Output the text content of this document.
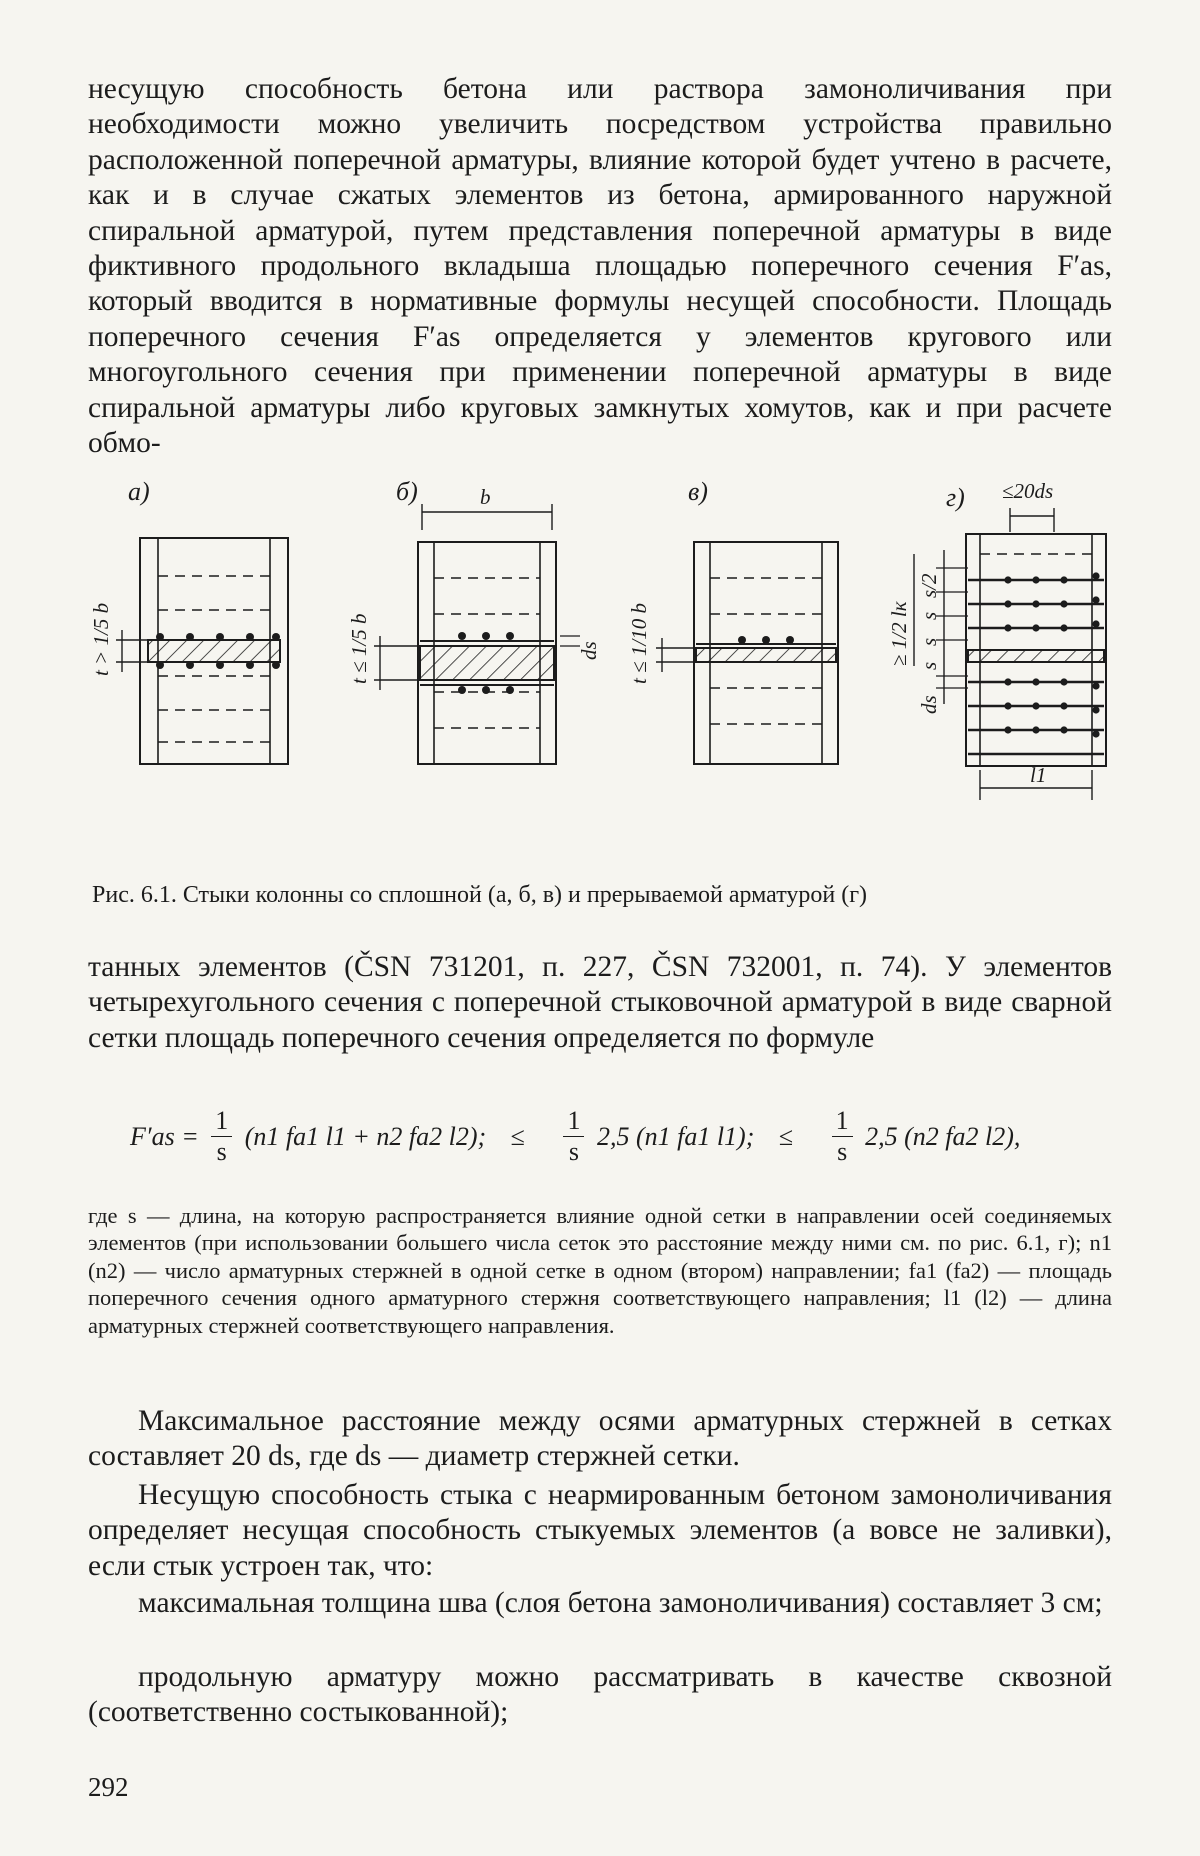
несущую способность бетона или раствора замоноличивания при необходимости можно увеличить посредством устройства правильно расположенной поперечной арматуры, влияние которой будет учтено в расчете, как и в случае сжатых элементов из бетона, армированного наружной спиральной арматурой, путем представления поперечной арматуры в виде фиктивного продольного вкладыша площадью поперечного сечения F′as, который вводится в нормативные формулы несущей способности. Площадь поперечного сечения F′as определяется у элементов кругового или многоугольного сечения при применении поперечной арматуры в виде спиральной арматуры либо круговых замкнутых хомутов, как и при расчете обмо-

а)
t > 1/5 b
б)	b
t ≤ 1/5 b	ds
в)
t ≤ 1/10 b
г) ≤20ds
s/2
s
s
s
≥ 1/2 lк
ds
l1

Рис. 6.1. Стыки колонны со сплошной (а, б, в) и прерываемой арматурой (г)

танных элементов (ČSN 731201, п. 227, ČSN 732001, п. 74). У элементов четырехугольного сечения с поперечной стыковочной арматурой в виде сварной сетки площадь поперечного сечения определяется по формуле

$F'as = \frac{1}{s} (n1$ fa1 l1 + n2 fa2 l2); ≤ $\frac{1}{s} 2,5$ (n1 fa1 l1); ≤ $\frac{1}{s} 2,5$ (n2 fa2 l2),

где s — длина, на которую распространяется влияние одной сетки в направлении осей соединяемых элементов (при использовании большего числа сеток это расстояние между ними см. по рис. 6.1, г); n1 (n2) — число арматурных стержней в одной сетке в одном (втором) направлении; fa1 (fa2) — площадь поперечного сечения одного арматурного стержня соответствующего направления; l1 (l2) — длина арматурных стержней соответствующего направления.

Максимальное расстояние между осями арматурных стержней в сетках составляет 20 ds, где ds — диаметр стержней сетки.

Несущую способность стыка с неармированным бетоном замоноличивания определяет несущая способность стыкуемых элементов (а вовсе не заливки), если стык устроен так, что:

максимальная толщина шва (слоя бетона замоноличивания) составляет 3 см;

продольную арматуру можно рассматривать в качестве сквозной (соответственно состыкованной);

292
